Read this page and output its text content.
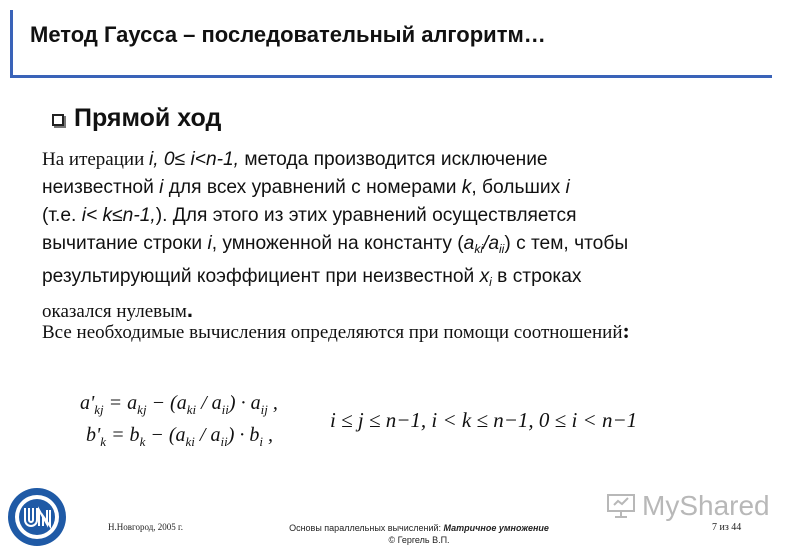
Метод Гаусса – последовательный алгоритм…
Прямой ход
На итерации i, 0≤ i<n-1, метода производится исключение
неизвестной i для всех уравнений с номерами k, больших i
(т.е. i< k≤n-1,). Для этого из этих уравнений осуществляется
вычитание строки i, умноженной на константу $(a_{ki}/a_{ii})$ с тем, чтобы
результирующий коэффициент при неизвестной $x_i$ в строках
оказался нулевым.
Все необходимые вычисления определяются при помощи соотношений:
$a'_{kj} = a_{kj} - (a_{ki} / a_{ii}) \cdot a_{ij}$ ,
$b'_k = b_k - (a_{ki} / a_{ii}) \cdot b_i$ ,
i ≤ j ≤ n−1, i < k ≤ n−1, 0 ≤ i < n−1
Н.Новгород, 2005 г.	Основы параллельных вычислений: Матричное умножение
© Гергель В.П.
7 из 44
MyShared
